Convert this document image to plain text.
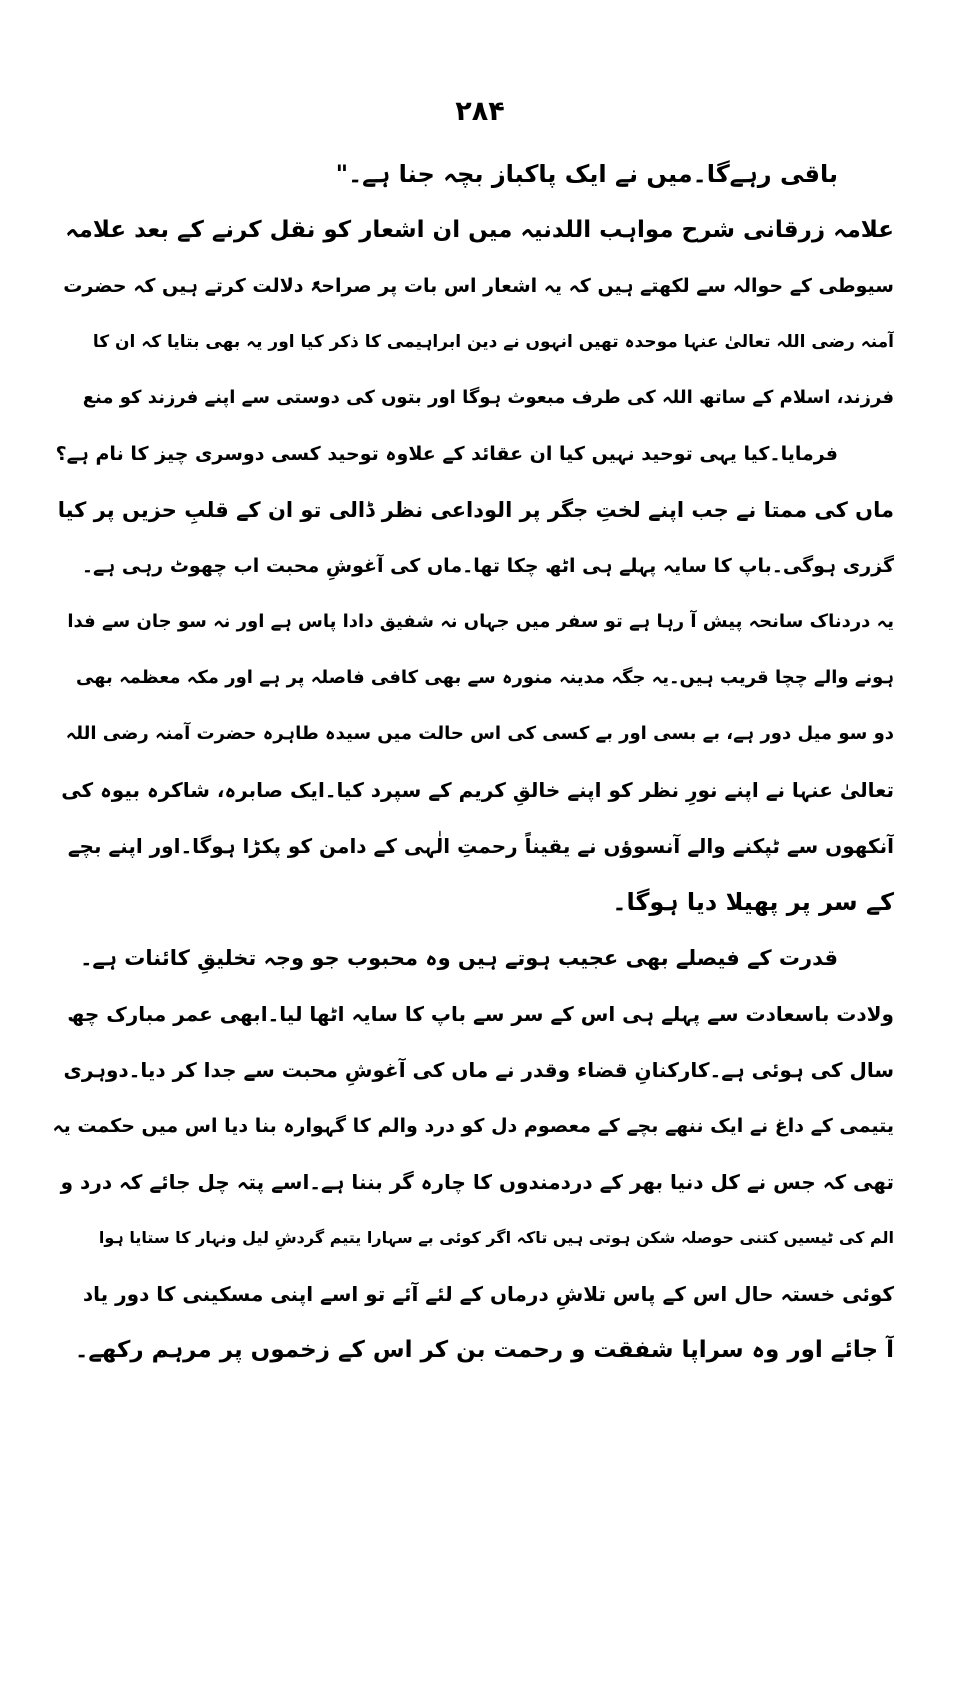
۲۸۴
باقی رہےگا۔میں نے ایک پاکباز بچہ جنا ہے۔"
علامہ زرقانی شرح مواہب اللدنیہ میں ان اشعار کو نقل کرنے کے بعد علامہ
سیوطی کے حوالہ سے لکھتے ہیں کہ یہ اشعار اس بات پر صراحۃً دلالت کرتے ہیں کہ حضرت
آمنہ رضی اللہ تعالیٰ عنہا موحدہ تھیں انہوں نے دین ابراہیمی کا ذکر کیا اور یہ بھی بتایا کہ ان کا
فرزند، اسلام کے ساتھ اللہ کی طرف مبعوث ہوگا اور بتوں کی دوستی سے اپنے فرزند کو منع
فرمایا۔کیا یہی توحید نہیں کیا ان عقائد کے علاوہ توحید کسی دوسری چیز کا نام ہے؟
ماں کی ممتا نے جب اپنے لختِ جگر پر الوداعی نظر ڈالی تو ان کے قلبِ حزیں پر کیا
گزری ہوگی۔باپ کا سایہ پہلے ہی اٹھ چکا تھا۔ماں کی آغوشِ محبت اب چھوٹ رہی ہے۔
یہ دردناک سانحہ پیش آ رہا ہے تو سفر میں جہاں نہ شفیق دادا پاس ہے اور نہ سو جان سے فدا
ہونے والے چچا قریب ہیں۔یہ جگہ مدینہ منورہ سے بھی کافی فاصلہ پر ہے اور مکہ معظمہ بھی
دو سو میل دور ہے، بے بسی اور بے کسی کی اس حالت میں سیدہ طاہرہ حضرت آمنہ رضی اللہ
تعالیٰ عنہا نے اپنے نورِ نظر کو اپنے خالقِ کریم کے سپرد کیا۔ایک صابرہ، شاکرہ بیوہ کی
آنکھوں سے ٹپکنے والے آنسوؤں نے یقیناً رحمتِ الٰہی کے دامن کو پکڑا ہوگا۔اور اپنے بچے
کے سر پر پھیلا دیا ہوگا۔
قدرت کے فیصلے بھی عجیب ہوتے ہیں وہ محبوب جو وجہ تخلیقِ کائنات ہے۔
ولادت باسعادت سے پہلے ہی اس کے سر سے باپ کا سایہ اٹھا لیا۔ابھی عمر مبارک چھ
سال کی ہوئی ہے۔کارکنانِ قضاء وقدر نے ماں کی آغوشِ محبت سے جدا کر دیا۔دوہری
یتیمی کے داغ نے ایک ننھے بچے کے معصوم دل کو درد والم کا گہوارہ بنا دیا اس میں حکمت یہ
تھی کہ جس نے کل دنیا بھر کے دردمندوں کا چارہ گر بننا ہے۔اسے پتہ چل جائے کہ درد و
الم کی ٹیسیں کتنی حوصلہ شکن ہوتی ہیں تاکہ اگر کوئی بے سہارا یتیم گردشِ لیل ونہار کا ستایا ہوا
کوئی خستہ حال اس کے پاس تلاشِ درماں کے لئے آئے تو اسے اپنی مسکینی کا دور یاد
آ جائے اور وہ سراپا شفقت و رحمت بن کر اس کے زخموں پر مرہم رکھے۔
